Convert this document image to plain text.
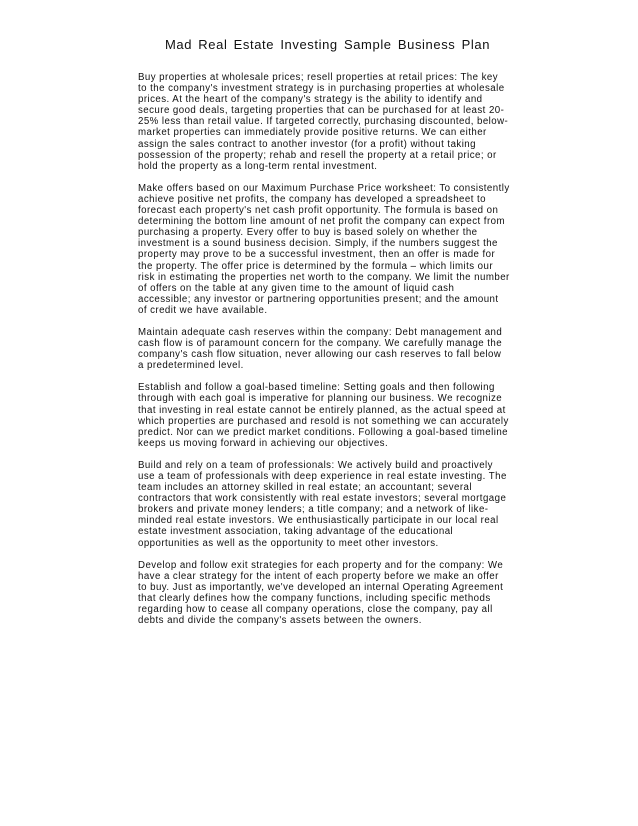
Mad Real Estate Investing Sample Business Plan

Buy properties at wholesale prices; resell properties at retail prices: The key to the company's investment strategy is in purchasing properties at wholesale prices. At the heart of the company's strategy is the ability to identify and secure good deals, targeting properties that can be purchased for at least 20-25% less than retail value. If targeted correctly, purchasing discounted, below-market properties can immediately provide positive returns. We can either assign the sales contract to another investor (for a profit) without taking possession of the property; rehab and resell the property at a retail price; or hold the property as a long-term rental investment.

Make offers based on our Maximum Purchase Price worksheet: To consistently achieve positive net profits, the company has developed a spreadsheet to forecast each property's net cash profit opportunity. The formula is based on determining the bottom line amount of net profit the company can expect from purchasing a property. Every offer to buy is based solely on whether the investment is a sound business decision. Simply, if the numbers suggest the property may prove to be a successful investment, then an offer is made for the property. The offer price is determined by the formula – which limits our risk in estimating the properties net worth to the company. We limit the number of offers on the table at any given time to the amount of liquid cash accessible; any investor or partnering opportunities present; and the amount of credit we have available.

Maintain adequate cash reserves within the company: Debt management and cash flow is of paramount concern for the company. We carefully manage the company's cash flow situation, never allowing our cash reserves to fall below a predetermined level.

Establish and follow a goal-based timeline: Setting goals and then following through with each goal is imperative for planning our business. We recognize that investing in real estate cannot be entirely planned, as the actual speed at which properties are purchased and resold is not something we can accurately predict. Nor can we predict market conditions. Following a goal-based timeline keeps us moving forward in achieving our objectives.

Build and rely on a team of professionals: We actively build and proactively use a team of professionals with deep experience in real estate investing. The team includes an attorney skilled in real estate; an accountant; several contractors that work consistently with real estate investors; several mortgage brokers and private money lenders; a title company; and a network of like-minded real estate investors. We enthusiastically participate in our local real estate investment association, taking advantage of the educational opportunities as well as the opportunity to meet other investors.

Develop and follow exit strategies for each property and for the company: We have a clear strategy for the intent of each property before we make an offer to buy. Just as importantly, we've developed an internal Operating Agreement that clearly defines how the company functions, including specific methods regarding how to cease all company operations, close the company, pay all debts and divide the company's assets between the owners.
